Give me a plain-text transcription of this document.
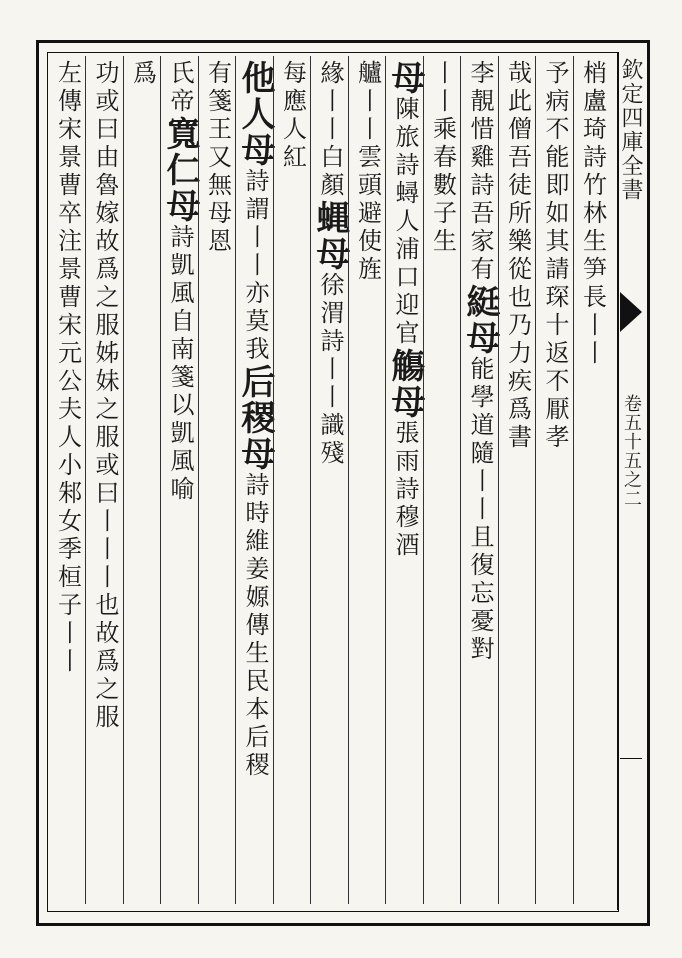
欽定四庫全書
卷五十五之二
梢盧琦詩竹林生笋長丨丨
予病不能即如其請琛十返不厭孝
哉此僧吾徒所樂從也乃力疾爲書
李靚惜雞詩吾家有綎母能學道隨丨丨且復忘憂對
丨丨乘春數子生
母陳旅詩蟳人浦口迎官觴母張雨詩穆酒
艫丨丨雲頭避使旌
緣丨丨白顏蝿母徐渭詩丨丨識殘
每應人紅
他人母詩謂丨丨亦莫我后稷母詩時維姜嫄傳生民本后稷
有箋王又無母恩
氏帝寬仁母詩凱風自南箋以凱風喻
爲
功或曰由魯嫁故爲之服姊妹之服或曰丨丨丨也故爲之服
左傳宋景曹卒注景曹宋元公夫人小邾女季桓子丨丨
